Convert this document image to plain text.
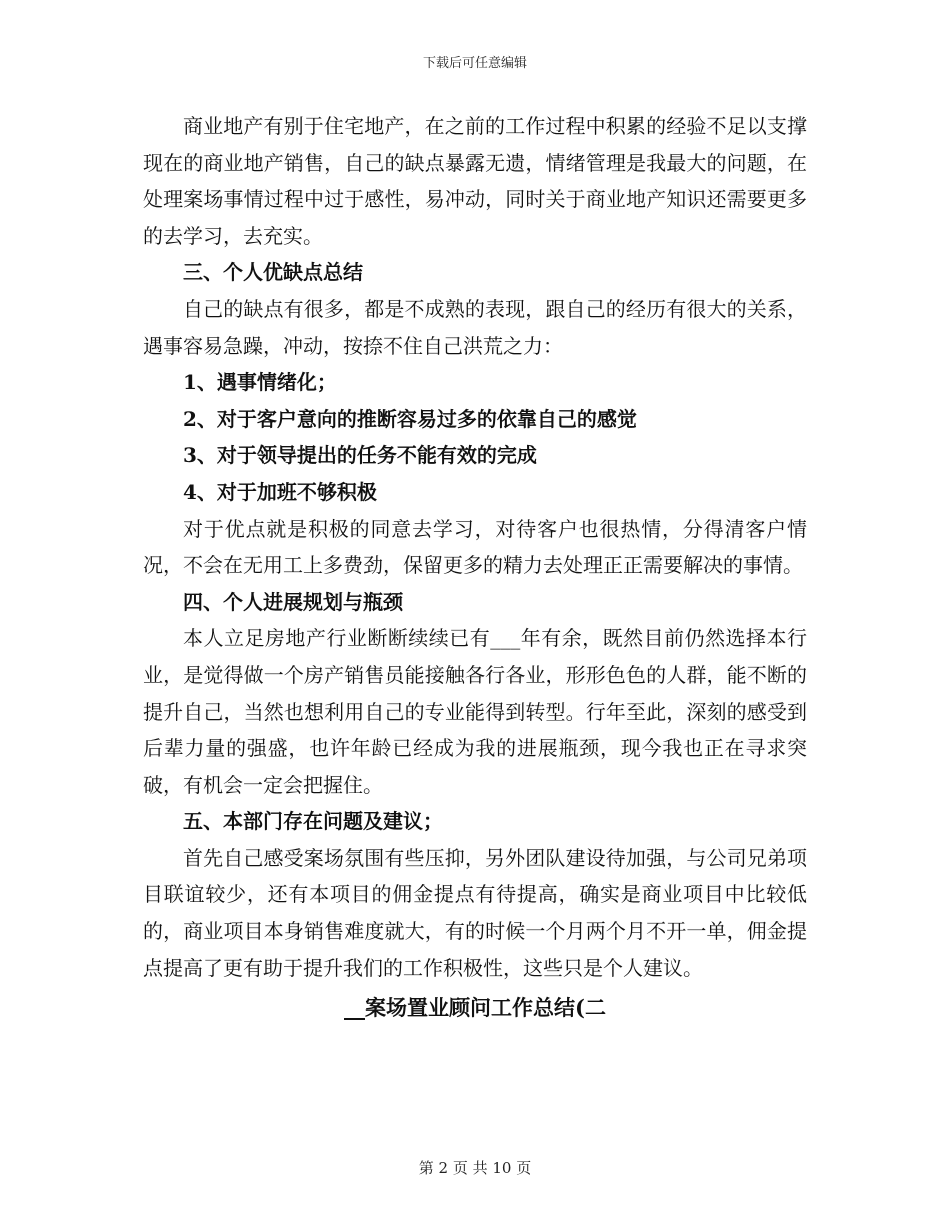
下载后可任意编辑

商业地产有别于住宅地产，在之前的工作过程中积累的经验不足以支撑现在的商业地产销售，自己的缺点暴露无遗，情绪管理是我最大的问题，在处理案场事情过程中过于感性，易冲动，同时关于商业地产知识还需要更多的去学习，去充实。

三、个人优缺点总结

自己的缺点有很多，都是不成熟的表现，跟自己的经历有很大的关系，遇事容易急躁，冲动，按捺不住自己洪荒之力：

1、遇事情绪化；

2、对于客户意向的推断容易过多的依靠自己的感觉

3、对于领导提出的任务不能有效的完成

4、对于加班不够积极

对于优点就是积极的同意去学习，对待客户也很热情，分得清客户情况，不会在无用工上多费劲，保留更多的精力去处理正正需要解决的事情。

四、个人进展规划与瓶颈

本人立足房地产行业断断续续已有___年有余，既然目前仍然选择本行业，是觉得做一个房产销售员能接触各行各业，形形色色的人群，能不断的提升自己，当然也想利用自己的专业能得到转型。行年至此，深刻的感受到后辈力量的强盛，也许年龄已经成为我的进展瓶颈，现今我也正在寻求突破，有机会一定会把握住。

五、本部门存在问题及建议；

首先自己感受案场氛围有些压抑，另外团队建设待加强，与公司兄弟项目联谊较少，还有本项目的佣金提点有待提高，确实是商业项目中比较低的，商业项目本身销售难度就大，有的时候一个月两个月不开一单，佣金提点提高了更有助于提升我们的工作积极性，这些只是个人建议。

__案场置业顾问工作总结(二

第 2 页 共 10 页
